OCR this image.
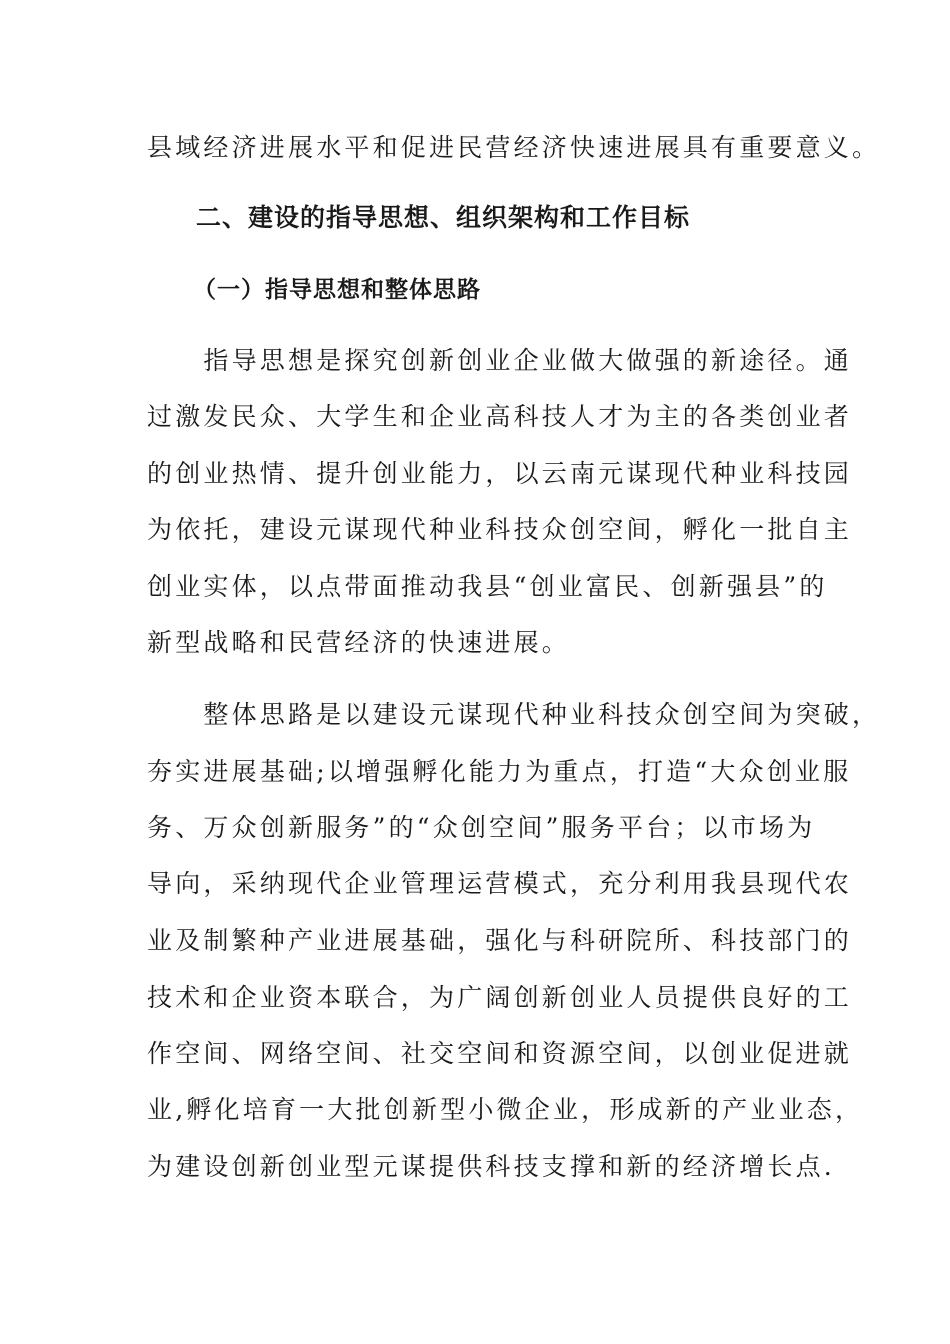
县域经济进展水平和促进民营经济快速进展具有重要意义。
二、建设的指导思想、组织架构和工作目标
（一）指导思想和整体思路
　　指导思想是探究创新创业企业做大做强的新途径。通
过激发民众、大学生和企业高科技人才为主的各类创业者
的创业热情、提升创业能力，以云南元谋现代种业科技园
为依托，建设元谋现代种业科技众创空间，孵化一批自主
创业实体，以点带面推动我县“创业富民、创新强县”的
新型战略和民营经济的快速进展。
　　整体思路是以建设元谋现代种业科技众创空间为突破，
夯实进展基础;以增强孵化能力为重点，打造“大众创业服
务、万众创新服务”的“众创空间”服务平台；以市场为
导向，采纳现代企业管理运营模式，充分利用我县现代农
业及制繁种产业进展基础，强化与科研院所、科技部门的
技术和企业资本联合，为广阔创新创业人员提供良好的工
作空间、网络空间、社交空间和资源空间，以创业促进就
业,孵化培育一大批创新型小微企业，形成新的产业业态，
为建设创新创业型元谋提供科技支撑和新的经济增长点.
